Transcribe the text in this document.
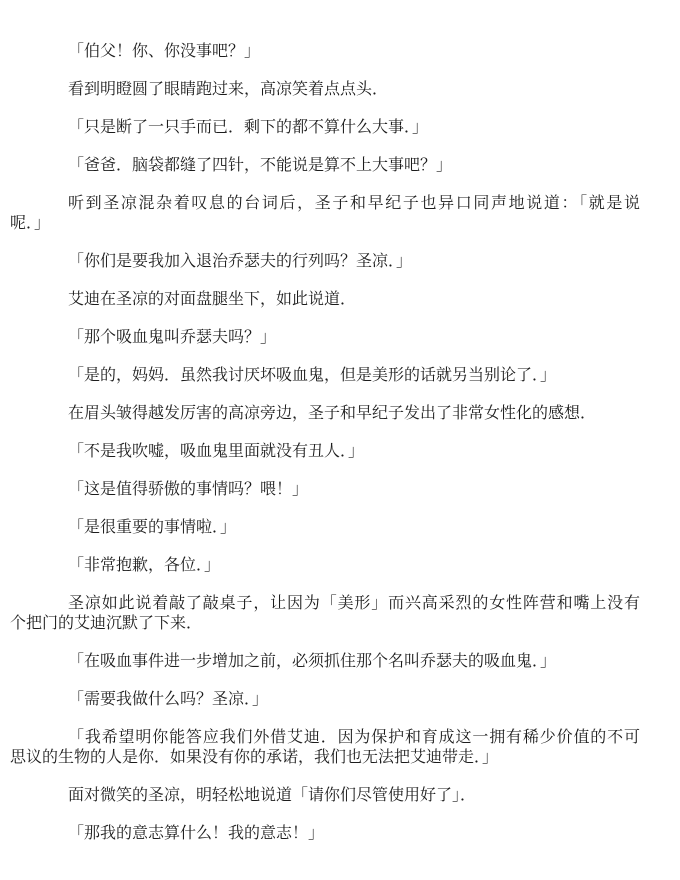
「伯父！你、你没事吧？」

看到明瞪圆了眼睛跑过来，高凉笑着点点头．

「只是断了一只手而已．剩下的都不算什么大事．」

「爸爸．脑袋都缝了四针，不能说是算不上大事吧？」

听到圣凉混杂着叹息的台词后，圣子和早纪子也异口同声地说道：「就是说
呢．」

「你们是要我加入退治乔瑟夫的行列吗？圣凉．」

艾迪在圣凉的对面盘腿坐下，如此说道．

「那个吸血鬼叫乔瑟夫吗？」

「是的，妈妈．虽然我讨厌坏吸血鬼，但是美形的话就另当别论了．」

在眉头皱得越发厉害的高凉旁边，圣子和早纪子发出了非常女性化的感想．

「不是我吹嘘，吸血鬼里面就没有丑人．」

「这是值得骄傲的事情吗？喂！」

「是很重要的事情啦．」

「非常抱歉，各位．」

圣凉如此说着敲了敲桌子，让因为「美形」而兴高采烈的女性阵营和嘴上没有
个把门的艾迪沉默了下来．

「在吸血事件进一步增加之前，必须抓住那个名叫乔瑟夫的吸血鬼．」

「需要我做什么吗？圣凉．」

「我希望明你能答应我们外借艾迪．因为保护和育成这一拥有稀少价值的不可
思议的生物的人是你．如果没有你的承诺，我们也无法把艾迪带走．」

面对微笑的圣凉，明轻松地说道「请你们尽管使用好了」．

「那我的意志算什么！我的意志！」
